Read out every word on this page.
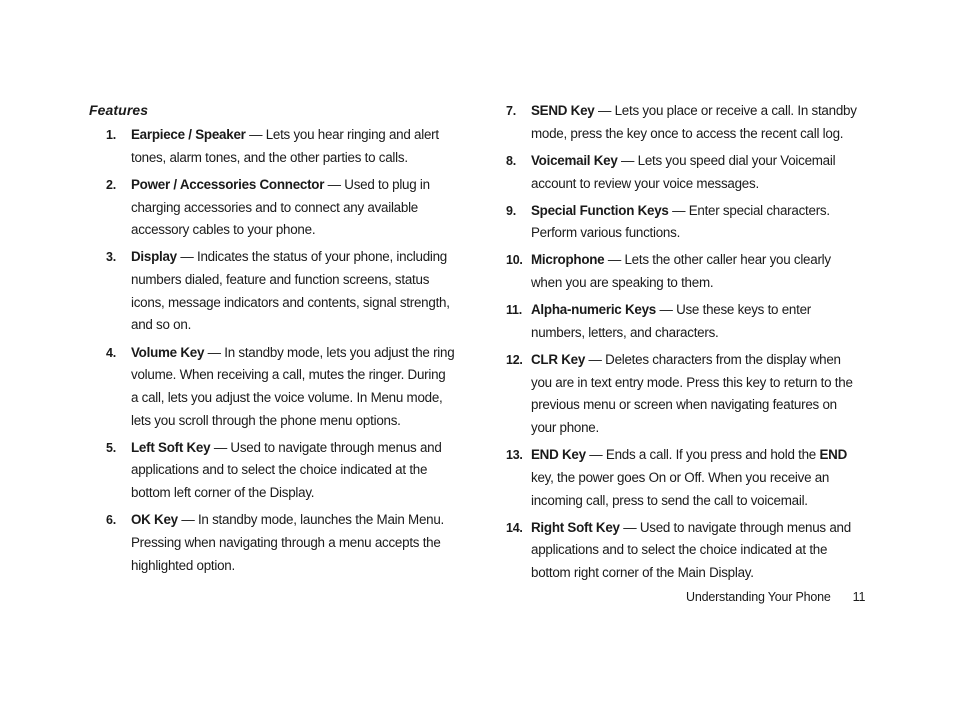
Features
1.	Earpiece / Speaker — Lets you hear ringing and alert tones, alarm tones, and the other parties to calls.
2.	Power / Accessories Connector — Used to plug in charging accessories and to connect any available accessory cables to your phone.
3.	Display — Indicates the status of your phone, including numbers dialed, feature and function screens, status icons, message indicators and contents, signal strength, and so on.
4.	Volume Key — In standby mode, lets you adjust the ring volume. When receiving a call, mutes the ringer. During a call, lets you adjust the voice volume. In Menu mode, lets you scroll through the phone menu options.
5.	Left Soft Key — Used to navigate through menus and applications and to select the choice indicated at the bottom left corner of the Display.
6.	OK Key — In standby mode, launches the Main Menu. Pressing when navigating through a menu accepts the highlighted option.
7.	SEND Key — Lets you place or receive a call. In standby mode, press the key once to access the recent call log.
8.	Voicemail Key — Lets you speed dial your Voicemail account to review your voice messages.
9.	Special Function Keys — Enter special characters. Perform various functions.
10. Microphone — Lets the other caller hear you clearly when you are speaking to them.
11. Alpha-numeric Keys — Use these keys to enter numbers, letters, and characters.
12. CLR Key — Deletes characters from the display when you are in text entry mode. Press this key to return to the previous menu or screen when navigating features on your phone.
13. END Key — Ends a call. If you press and hold the END key, the power goes On or Off. When you receive an incoming call, press to send the call to voicemail.
14. Right Soft Key — Used to navigate through menus and applications and to select the choice indicated at the bottom right corner of the Main Display.
Understanding Your Phone 11
